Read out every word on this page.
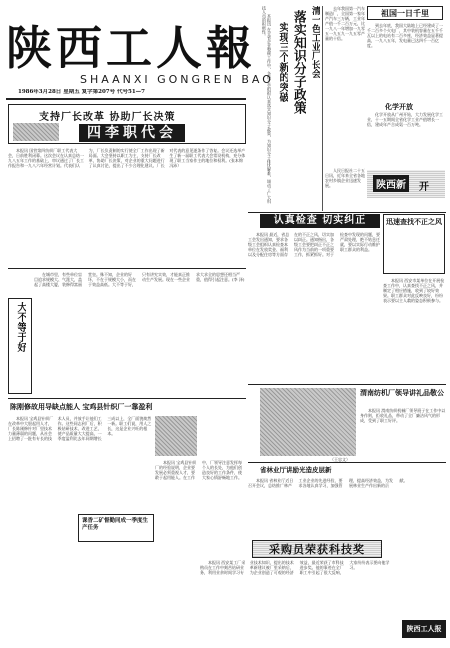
陕西工人報
SHAANXI GONGREN BAO
1986年3月28日 星期五 复字第207号 代号51—7
清一色工业厂长会
落实知识分子政策
实现三个新的突破
　　本报讯 在全省企业整顿工作中，各级工会组织认真落实知识分子政策，为知识分子排忧解难，调动了广大科技人员的积极性。	祖国一日千里
　　去年我国第一汽车制造厂，全国第一家年产汽车三万辆，工业年产值一千二百万元，比一九八一年增加一九零五一九五九一九五零产量的十倍。
　　到去年底，我国大陆地上已经建成了一千二百多个火电厂，其中装机容量在五千千瓦以上的电站有二百多座，经济效益显著提高，一九八五年，发电量已达四千一百亿度。
化学开放
　　化学开放从广州开始，大力发展化学工业，十一五期间全省化学工业产值增长一倍，建成年产合成氨一百万吨。
陕西新	开
　　人民日报社二十五日讯，近年来全省各地农村乡镇企业迅速发展。
支持厂长改革 协助厂长决策
四李职代会
　　本报讯 国营第四纺织厂职工代表大会，日前胜利闭幕。这次会议在认真总结一九八五年工作的基础上，审议通过了厂长工作报告和一九八六年经营计划。代表们认为，厂长负责制的实行使全厂工作出现了新局面。大会坚持以职工为主，支持厂长改革，协助厂长决策，对企业的重大问题进行了认真讨论，提出了不少合理化建议。厂长对代表的意见逐条作了答复。会议还选举产生了新一届职工代表大会常设机构，充分体现了职工当家作主的地位和权利。(张本锦 冯沛）
大不等于好
　　在城市里，有些单位盲目追求规模大、气派大，盖起了高楼大厦，装修得富丽堂皇。殊不知，企业的好坏，不在于规模大小，而在于效益高低。大不等于好，只有讲究实效，才能真正推动生产发展。现在一些企业求大求全的思想还相当严重，值得引起注意。(李 泽)
陈刚修故用导缺点能人 宝鸡县针织厂一靠盈利
　　本报讯 宝鸡县针织厂在改革中大胆起用人才，厂长陈刚修针对厂里技术力量薄弱的问题，从社会上招聘了一批有专长的技术人员，并放手让他们工作。这些同志到厂后，积极钻研技术，改进工艺，使产品质量大大提高，一季度盈利比去年同期增长三成以上，全厂面貌焕然一新。职工们说，用人之长，这是企业兴旺的根本。
课香二矿督勤同成一季度生产任务
　　本报讯 宝鸡县针织厂的经验说明，企业要发展必须重视人才，要敢于起用能人。在工作中，厂领导注意发挥每个人的长处，为他们创造良好的工作条件，使大家心情舒畅地工作。
认真检查 切实纠正
　　本报讯 最近，省总工会发出通知，要求各级工会组织认真检查本单位在发放奖金、福利以及分配住房等方面存在的不正之风，切实加以纠正。通知指出，各级工会要把纠正不正之风作为当前的一项重要工作，抓紧抓好。对于检查中发现的问题，要严肃处理，绝不姑息迁就，要以实际行动维护职工群众的利益。
迅速查找不正之风
　　本报讯 西安市某单位在开展检查工作中，认真查找不正之风，并制定了相应措施，收到了较好效果。职工群众对此反映良好，纷纷表示要以主人翁的姿态积极参与。
（王忠文）

渭南纺机厂领导讲礼品敬公
　　本报讯 渭南纺织机械厂领导班子在工作中以身作则，拒收礼品，带动了全厂廉洁风气的形成，受到了职工好评。
省林业厅讲励光造皮层新
　　本报讯 省林业厅近日召开会议，总结推广林产工业企业的先进经验，要求各地认真学习，加强管理，提高经济效益，为发展林业生产作出新的贡献。
采购员荣获科技奖
　　本报讯 西安某工厂采购员在工作中刻苦钻研业务，利用业余时间学习专业技术知识，提出的技术革新建议被厂里采纳后，为企业创造了可观的经济效益，最近荣获了市科技进步奖。他的事迹在全厂职工中引起了很大反响，大家纷纷表示要向他学习。
陕西工人报
